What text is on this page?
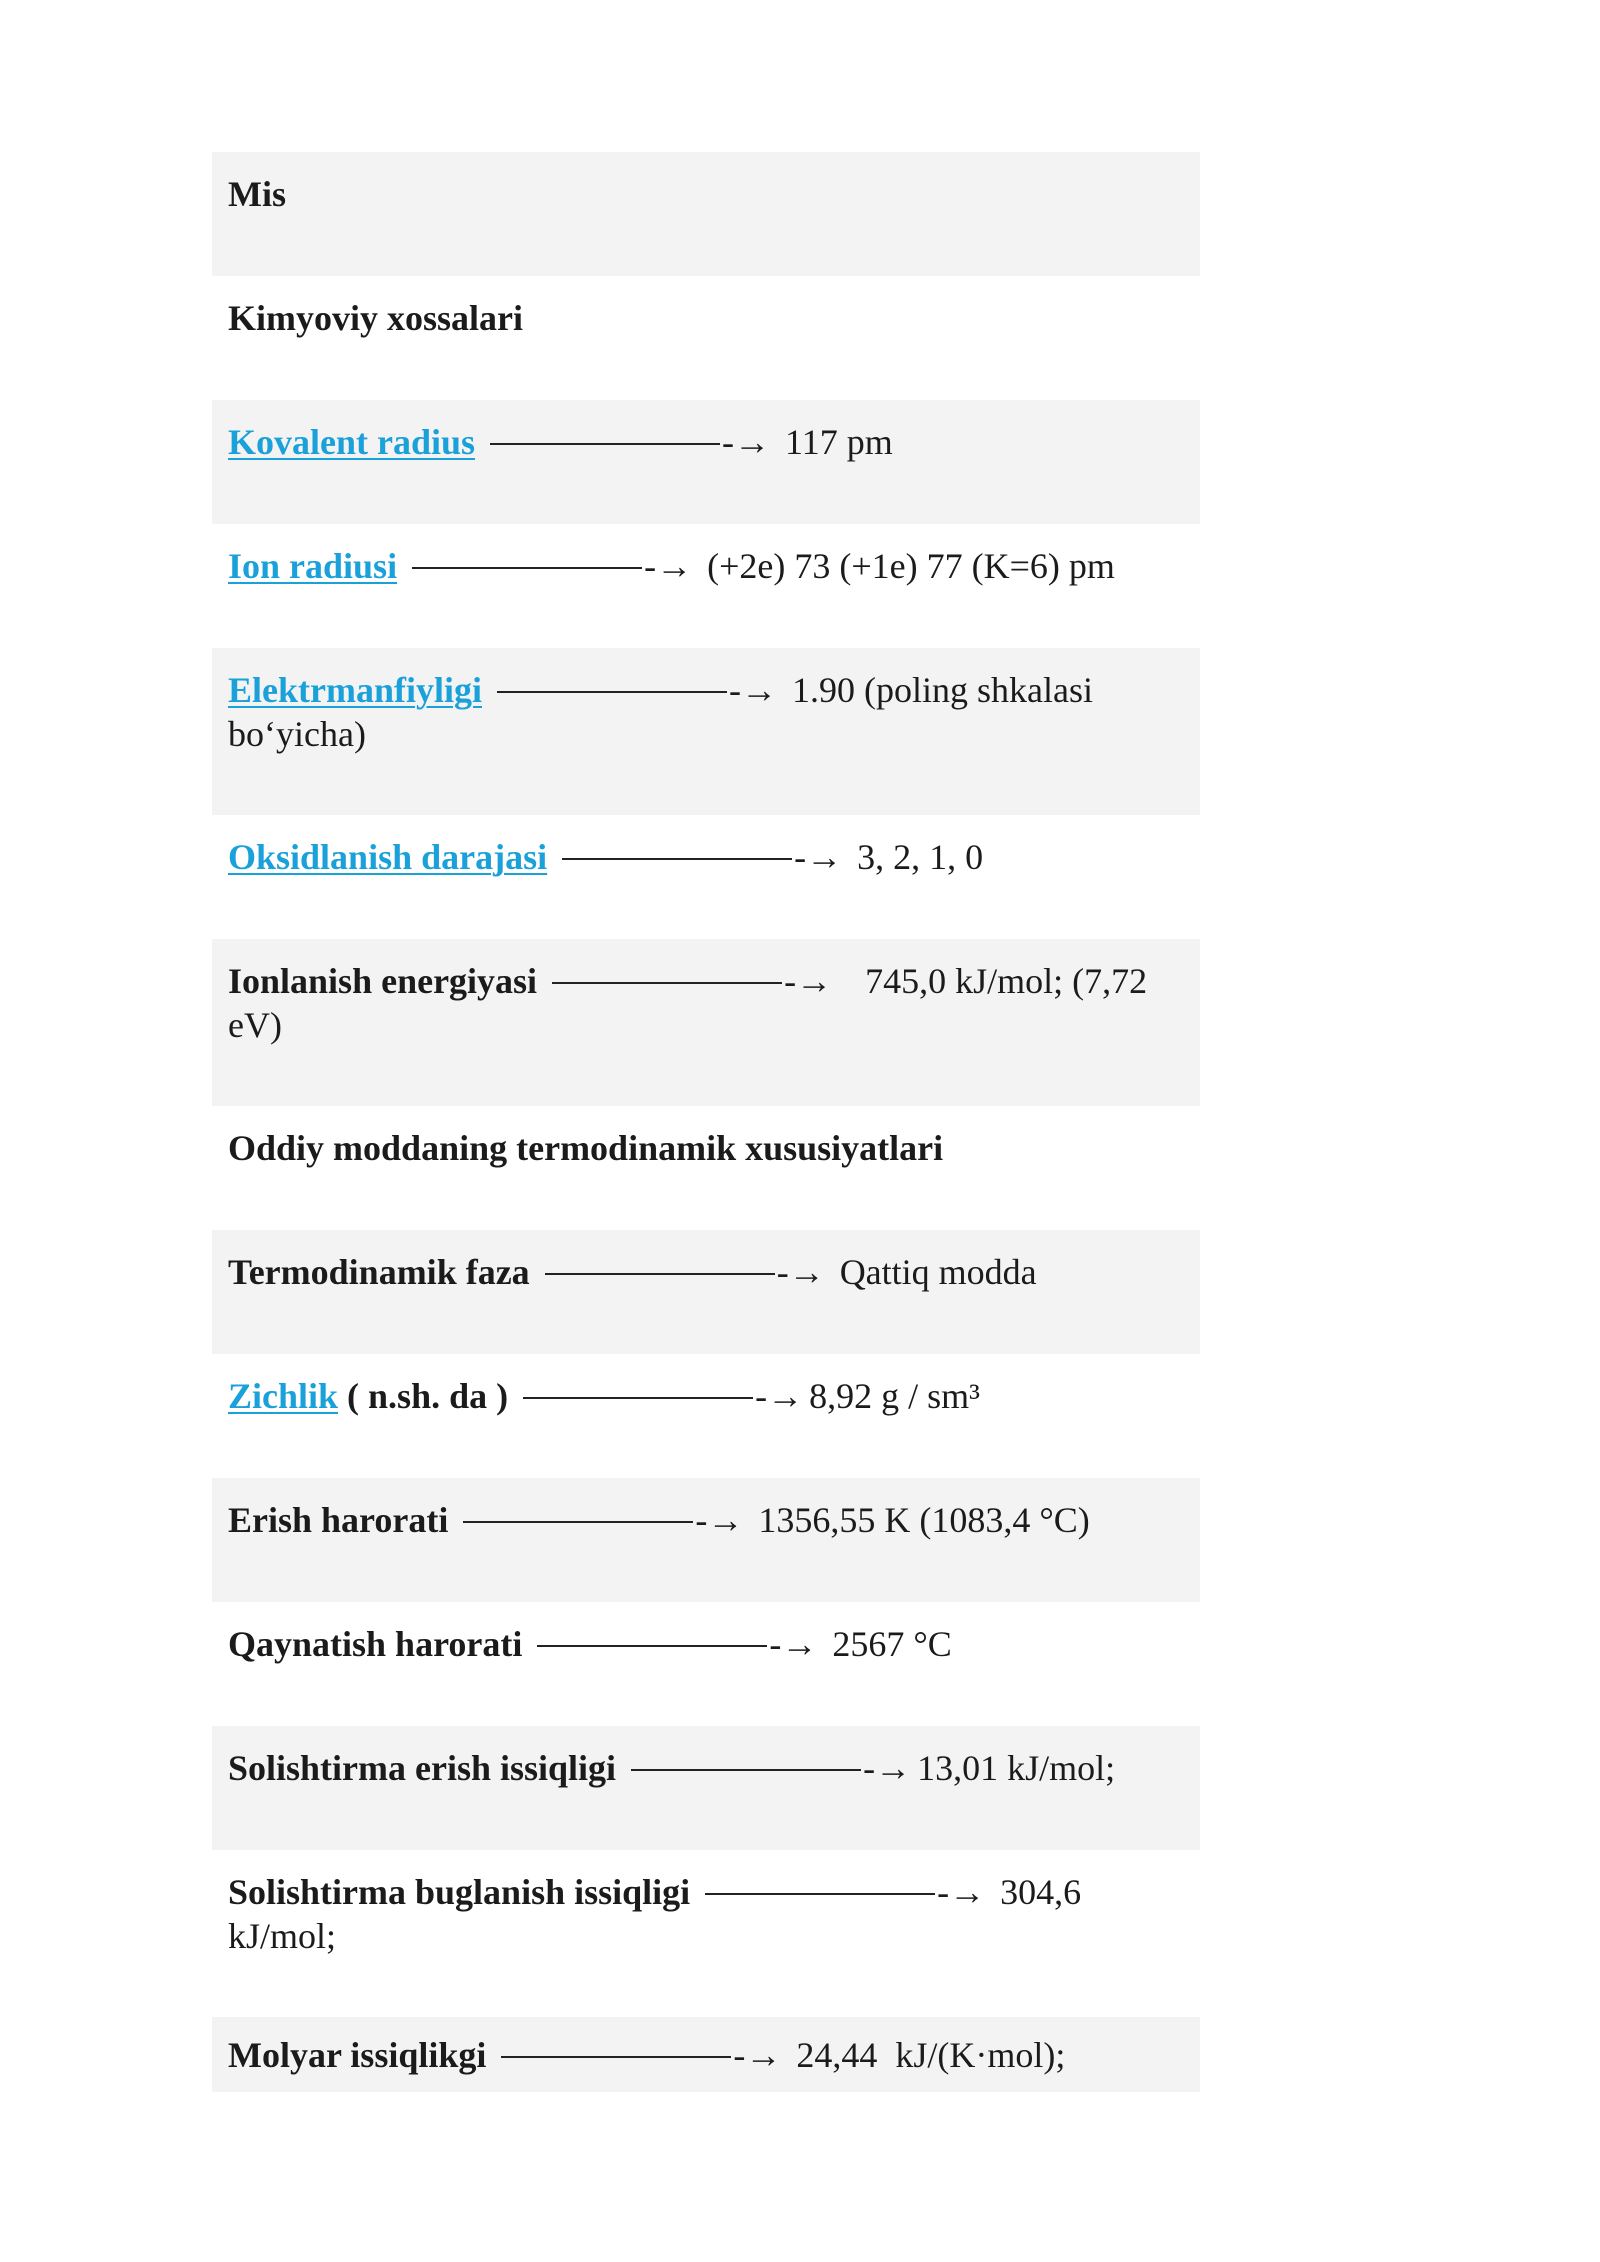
Mis
Kimyoviy xossalari
Kovalent radius	-→ 117 pm
Ion radiusi	-→ (+2e) 73 (+1e) 77 (K=6) pm
Elektrmanfiyligi	-→ 1.90 (poling shkalasi bo‘yicha)
Oksidlanish darajasi	-→ 3, 2, 1, 0
Ionlanish energiyasi	-→   745,0 kJ/mol; (7,72 eV)
Oddiy moddaning termodinamik xususiyatlari
Termodinamik faza	-→ Qattiq modda
Zichlik ( n.sh. da )	-→ 8,92 g / sm³
Erish harorati	-→ 1356,55 K (1083,4 °C)
Qaynatish harorati	-→ 2567 °C
Solishtirma erish issiqligi	-→ 13,01 kJ/mol;
Solishtirma buglanish issiqligi	-→ 304,6 kJ/mol;
Molyar issiqlikgi	-→ 24,44  kJ/(K·mol);
